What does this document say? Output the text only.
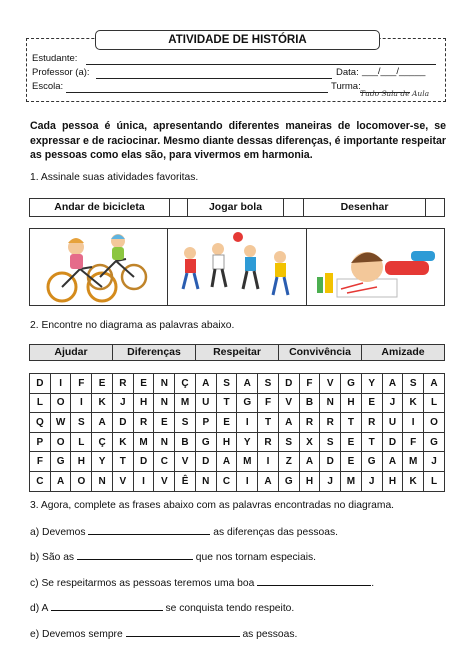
ATIVIDADE DE HISTÓRIA
Estudante:
Professor (a):	Data: ___/___/_____
Escola:	Turma:
Tudo Sala de Aula
Cada pessoa é única, apresentando diferentes maneiras de locomover-se, se expressar e de raciocinar. Mesmo diante dessas diferenças, é importante respeitar as pessoas como elas são, para vivermos em harmonia.
1. Assinale suas atividades favoritas.
Andar de bicicleta	Jogar bola	Desenhar
2. Encontre no diagrama as palavras abaixo.
Ajudar	Diferenças	Respeitar	Convivência	Amizade
D	I	F	E	R	E	N	Ç	A	S	A	S	D	F	V	G	Y	A	S	A
L	O	I	K	J	H	N	M	U	T	G	F	V	B	N	H	E	J	K	L
Q	W	S	A	D	R	E	S	P	E	I	T	A	R	R	T	R	U	I	O
P	O	L	Ç	K	M	N	B	G	H	Y	R	S	X	S	E	T	D	F	G
F	G	H	Y	T	D	C	V	D	A	M	I	Z	A	D	E	G	A	M	J
C	A	O	N	V	I	V	Ê	N	C	I	A	G	H	J	M	J	H	K	L
3. Agora, complete as frases abaixo com as palavras encontradas no diagrama.
a) Devemos	as diferenças das pessoas.
b) São as	que nos tornam especiais.
c) Se respeitarmos as pessoas teremos uma boa	.
d) A	se conquista tendo respeito.
e) Devemos sempre	as pessoas.
